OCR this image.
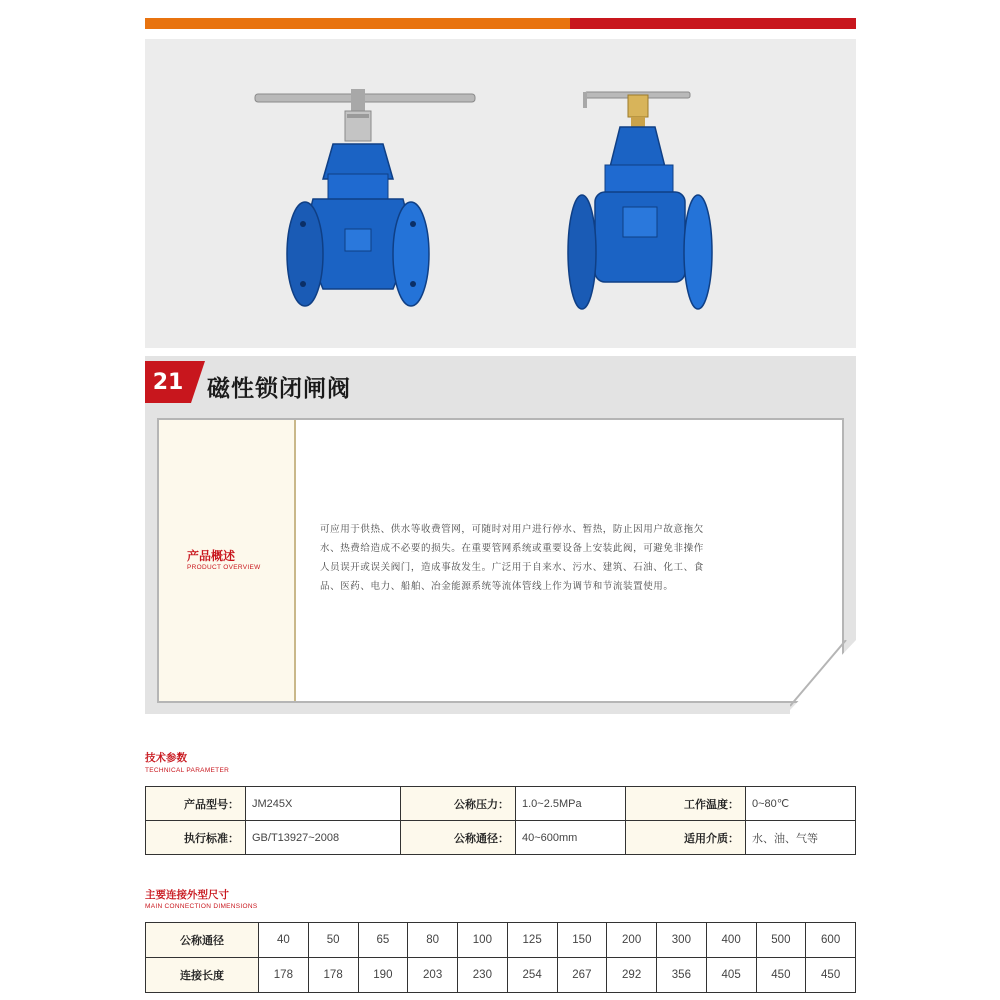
21	磁性锁闭闸阀
产品概述
PRODUCT OVERVIEW
可应用于供热、供水等收费管网，可随时对用户进行停水、暂热，防止因用户故意拖欠
水、热费给造成不必要的损失。在重要管网系统或重要设备上安装此阀，可避免非操作
人员误开或误关阀门，造成事故发生。广泛用于自来水、污水、建筑、石油、化工、食
品、医药、电力、船舶、冶金能源系统等流体管线上作为调节和节流装置使用。
技术参数
TECHNICAL PARAMETER
产品型号：	JM245X	公称压力：	1.0~2.5MPa	工作温度：	0~80℃
执行标准：	GB/T13927~2008	公称通径：	40~600mm	适用介质：	水、油、气等
主要连接外型尺寸
MAIN CONNECTION DIMENSIONS
公称通径	40	50	65	80	100	125	150	200	300	400	500	600
连接长度	178	178	190	203	230	254	267	292	356	405	450	450
